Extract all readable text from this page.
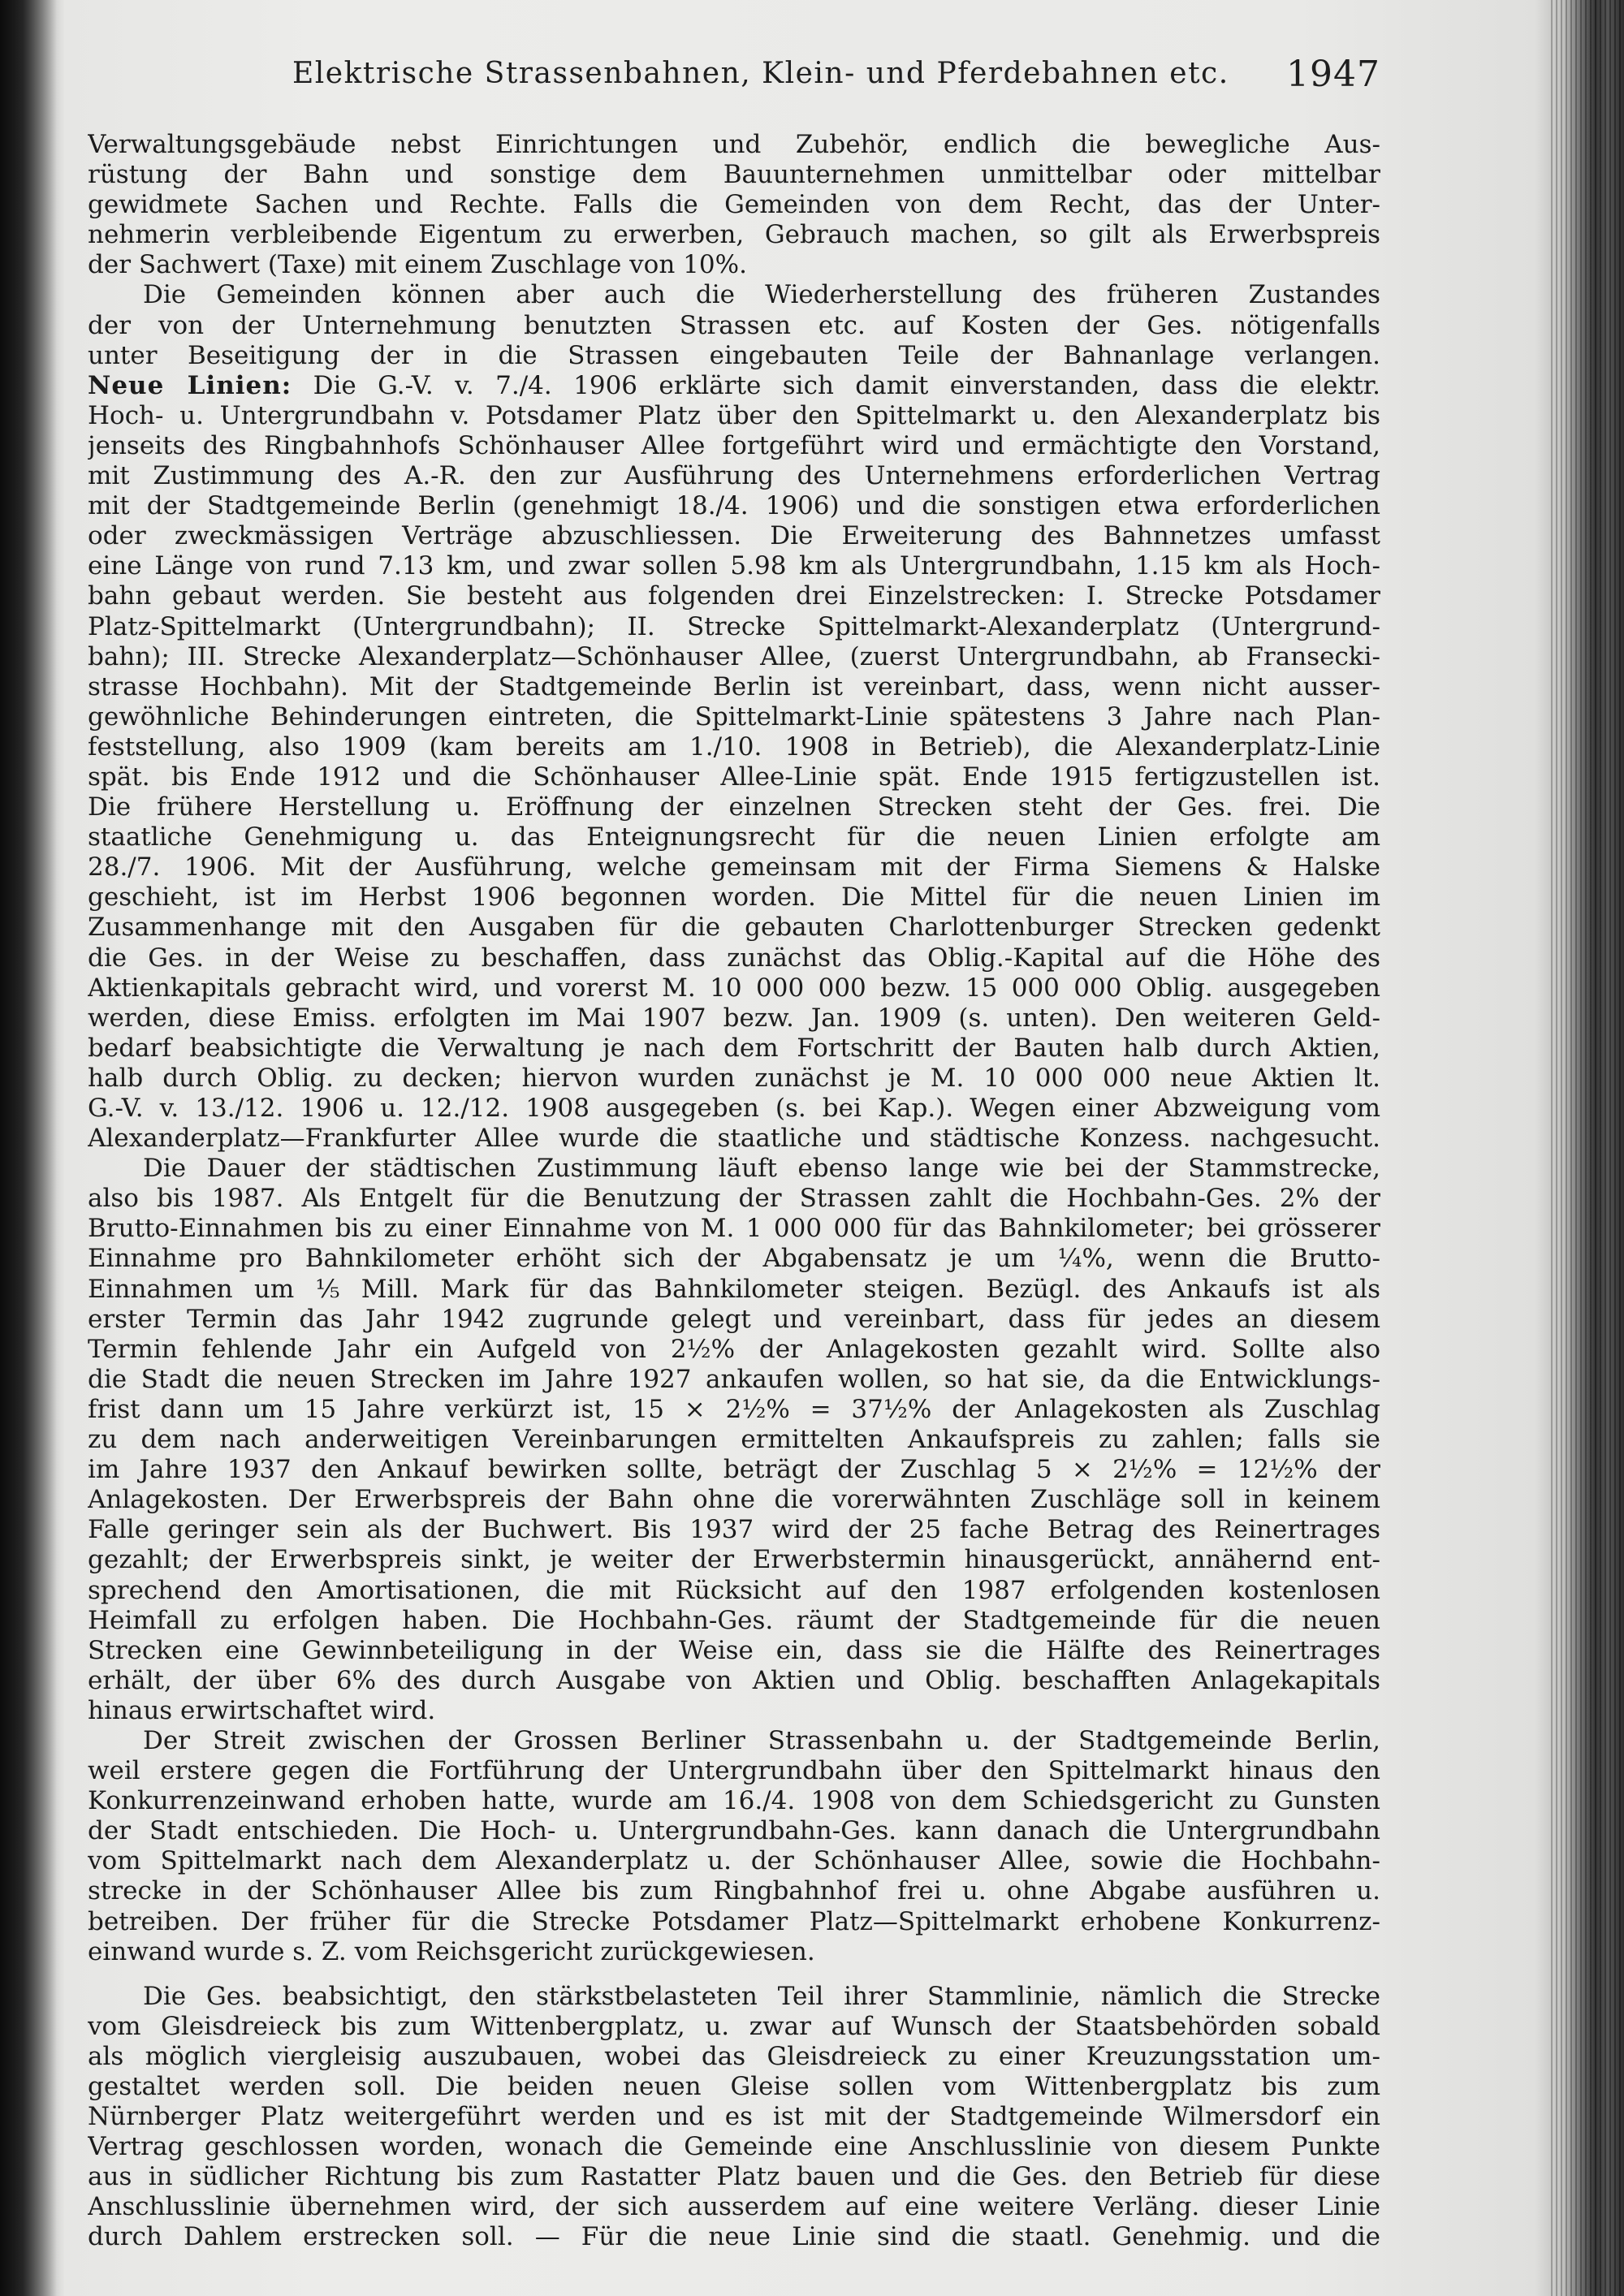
Elektrische Strassenbahnen, Klein- und Pferdebahnen etc. 1947
Verwaltungsgebäude nebst Einrichtungen und Zubehör, endlich die bewegliche Aus-
rüstung der Bahn und sonstige dem Bauunternehmen unmittelbar oder mittelbar
gewidmete Sachen und Rechte. Falls die Gemeinden von dem Recht, das der Unter-
nehmerin verbleibende Eigentum zu erwerben, Gebrauch machen, so gilt als Erwerbspreis
der Sachwert (Taxe) mit einem Zuschlage von 10%.
Die Gemeinden können aber auch die Wiederherstellung des früheren Zustandes
der von der Unternehmung benutzten Strassen etc. auf Kosten der Ges. nötigenfalls
unter Beseitigung der in die Strassen eingebauten Teile der Bahnanlage verlangen.
Neue Linien: Die G.-V. v. 7./4. 1906 erklärte sich damit einverstanden, dass die elektr.
Hoch- u. Untergrundbahn v. Potsdamer Platz über den Spittelmarkt u. den Alexanderplatz bis
jenseits des Ringbahnhofs Schönhauser Allee fortgeführt wird und ermächtigte den Vorstand,
mit Zustimmung des A.-R. den zur Ausführung des Unternehmens erforderlichen Vertrag
mit der Stadtgemeinde Berlin (genehmigt 18./4. 1906) und die sonstigen etwa erforderlichen
oder zweckmässigen Verträge abzuschliessen. Die Erweiterung des Bahnnetzes umfasst
eine Länge von rund 7.13 km, und zwar sollen 5.98 km als Untergrundbahn, 1.15 km als Hoch-
bahn gebaut werden. Sie besteht aus folgenden drei Einzelstrecken: I. Strecke Potsdamer
Platz-Spittelmarkt (Untergrundbahn); II. Strecke Spittelmarkt-Alexanderplatz (Untergrund-
bahn); III. Strecke Alexanderplatz—Schönhauser Allee, (zuerst Untergrundbahn, ab Fransecki-
strasse Hochbahn). Mit der Stadtgemeinde Berlin ist vereinbart, dass, wenn nicht ausser-
gewöhnliche Behinderungen eintreten, die Spittelmarkt-Linie spätestens 3 Jahre nach Plan-
feststellung, also 1909 (kam bereits am 1./10. 1908 in Betrieb), die Alexanderplatz-Linie
spät. bis Ende 1912 und die Schönhauser Allee-Linie spät. Ende 1915 fertigzustellen ist.
Die frühere Herstellung u. Eröffnung der einzelnen Strecken steht der Ges. frei. Die
staatliche Genehmigung u. das Enteignungsrecht für die neuen Linien erfolgte am
28./7. 1906. Mit der Ausführung, welche gemeinsam mit der Firma Siemens & Halske
geschieht, ist im Herbst 1906 begonnen worden. Die Mittel für die neuen Linien im
Zusammenhange mit den Ausgaben für die gebauten Charlottenburger Strecken gedenkt
die Ges. in der Weise zu beschaffen, dass zunächst das Oblig.-Kapital auf die Höhe des
Aktienkapitals gebracht wird, und vorerst M. 10 000 000 bezw. 15 000 000 Oblig. ausgegeben
werden, diese Emiss. erfolgten im Mai 1907 bezw. Jan. 1909 (s. unten). Den weiteren Geld-
bedarf beabsichtigte die Verwaltung je nach dem Fortschritt der Bauten halb durch Aktien,
halb durch Oblig. zu decken; hiervon wurden zunächst je M. 10 000 000 neue Aktien lt.
G.-V. v. 13./12. 1906 u. 12./12. 1908 ausgegeben (s. bei Kap.). Wegen einer Abzweigung vom
Alexanderplatz—Frankfurter Allee wurde die staatliche und städtische Konzess. nachgesucht.
Die Dauer der städtischen Zustimmung läuft ebenso lange wie bei der Stammstrecke,
also bis 1987. Als Entgelt für die Benutzung der Strassen zahlt die Hochbahn-Ges. 2% der
Brutto-Einnahmen bis zu einer Einnahme von M. 1 000 000 für das Bahnkilometer; bei grösserer
Einnahme pro Bahnkilometer erhöht sich der Abgabensatz je um ¼%, wenn die Brutto-
Einnahmen um ⅕ Mill. Mark für das Bahnkilometer steigen. Bezügl. des Ankaufs ist als
erster Termin das Jahr 1942 zugrunde gelegt und vereinbart, dass für jedes an diesem
Termin fehlende Jahr ein Aufgeld von 2½% der Anlagekosten gezahlt wird. Sollte also
die Stadt die neuen Strecken im Jahre 1927 ankaufen wollen, so hat sie, da die Entwicklungs-
frist dann um 15 Jahre verkürzt ist, 15 × 2½% = 37½% der Anlagekosten als Zuschlag
zu dem nach anderweitigen Vereinbarungen ermittelten Ankaufspreis zu zahlen; falls sie
im Jahre 1937 den Ankauf bewirken sollte, beträgt der Zuschlag 5 × 2½% = 12½% der
Anlagekosten. Der Erwerbspreis der Bahn ohne die vorerwähnten Zuschläge soll in keinem
Falle geringer sein als der Buchwert. Bis 1937 wird der 25 fache Betrag des Reinertrages
gezahlt; der Erwerbspreis sinkt, je weiter der Erwerbstermin hinausgerückt, annähernd ent-
sprechend den Amortisationen, die mit Rücksicht auf den 1987 erfolgenden kostenlosen
Heimfall zu erfolgen haben. Die Hochbahn-Ges. räumt der Stadtgemeinde für die neuen
Strecken eine Gewinnbeteiligung in der Weise ein, dass sie die Hälfte des Reinertrages
erhält, der über 6% des durch Ausgabe von Aktien und Oblig. beschafften Anlagekapitals
hinaus erwirtschaftet wird.
Der Streit zwischen der Grossen Berliner Strassenbahn u. der Stadtgemeinde Berlin,
weil erstere gegen die Fortführung der Untergrundbahn über den Spittelmarkt hinaus den
Konkurrenzeinwand erhoben hatte, wurde am 16./4. 1908 von dem Schiedsgericht zu Gunsten
der Stadt entschieden. Die Hoch- u. Untergrundbahn-Ges. kann danach die Untergrundbahn
vom Spittelmarkt nach dem Alexanderplatz u. der Schönhauser Allee, sowie die Hochbahn-
strecke in der Schönhauser Allee bis zum Ringbahnhof frei u. ohne Abgabe ausführen u.
betreiben. Der früher für die Strecke Potsdamer Platz—Spittelmarkt erhobene Konkurrenz-
einwand wurde s. Z. vom Reichsgericht zurückgewiesen.
Die Ges. beabsichtigt, den stärkstbelasteten Teil ihrer Stammlinie, nämlich die Strecke
vom Gleisdreieck bis zum Wittenbergplatz, u. zwar auf Wunsch der Staatsbehörden sobald
als möglich viergleisig auszubauen, wobei das Gleisdreieck zu einer Kreuzungsstation um-
gestaltet werden soll. Die beiden neuen Gleise sollen vom Wittenbergplatz bis zum
Nürnberger Platz weitergeführt werden und es ist mit der Stadtgemeinde Wilmersdorf ein
Vertrag geschlossen worden, wonach die Gemeinde eine Anschlusslinie von diesem Punkte
aus in südlicher Richtung bis zum Rastatter Platz bauen und die Ges. den Betrieb für diese
Anschlusslinie übernehmen wird, der sich ausserdem auf eine weitere Verläng. dieser Linie
durch Dahlem erstrecken soll. — Für die neue Linie sind die staatl. Genehmig. und die
